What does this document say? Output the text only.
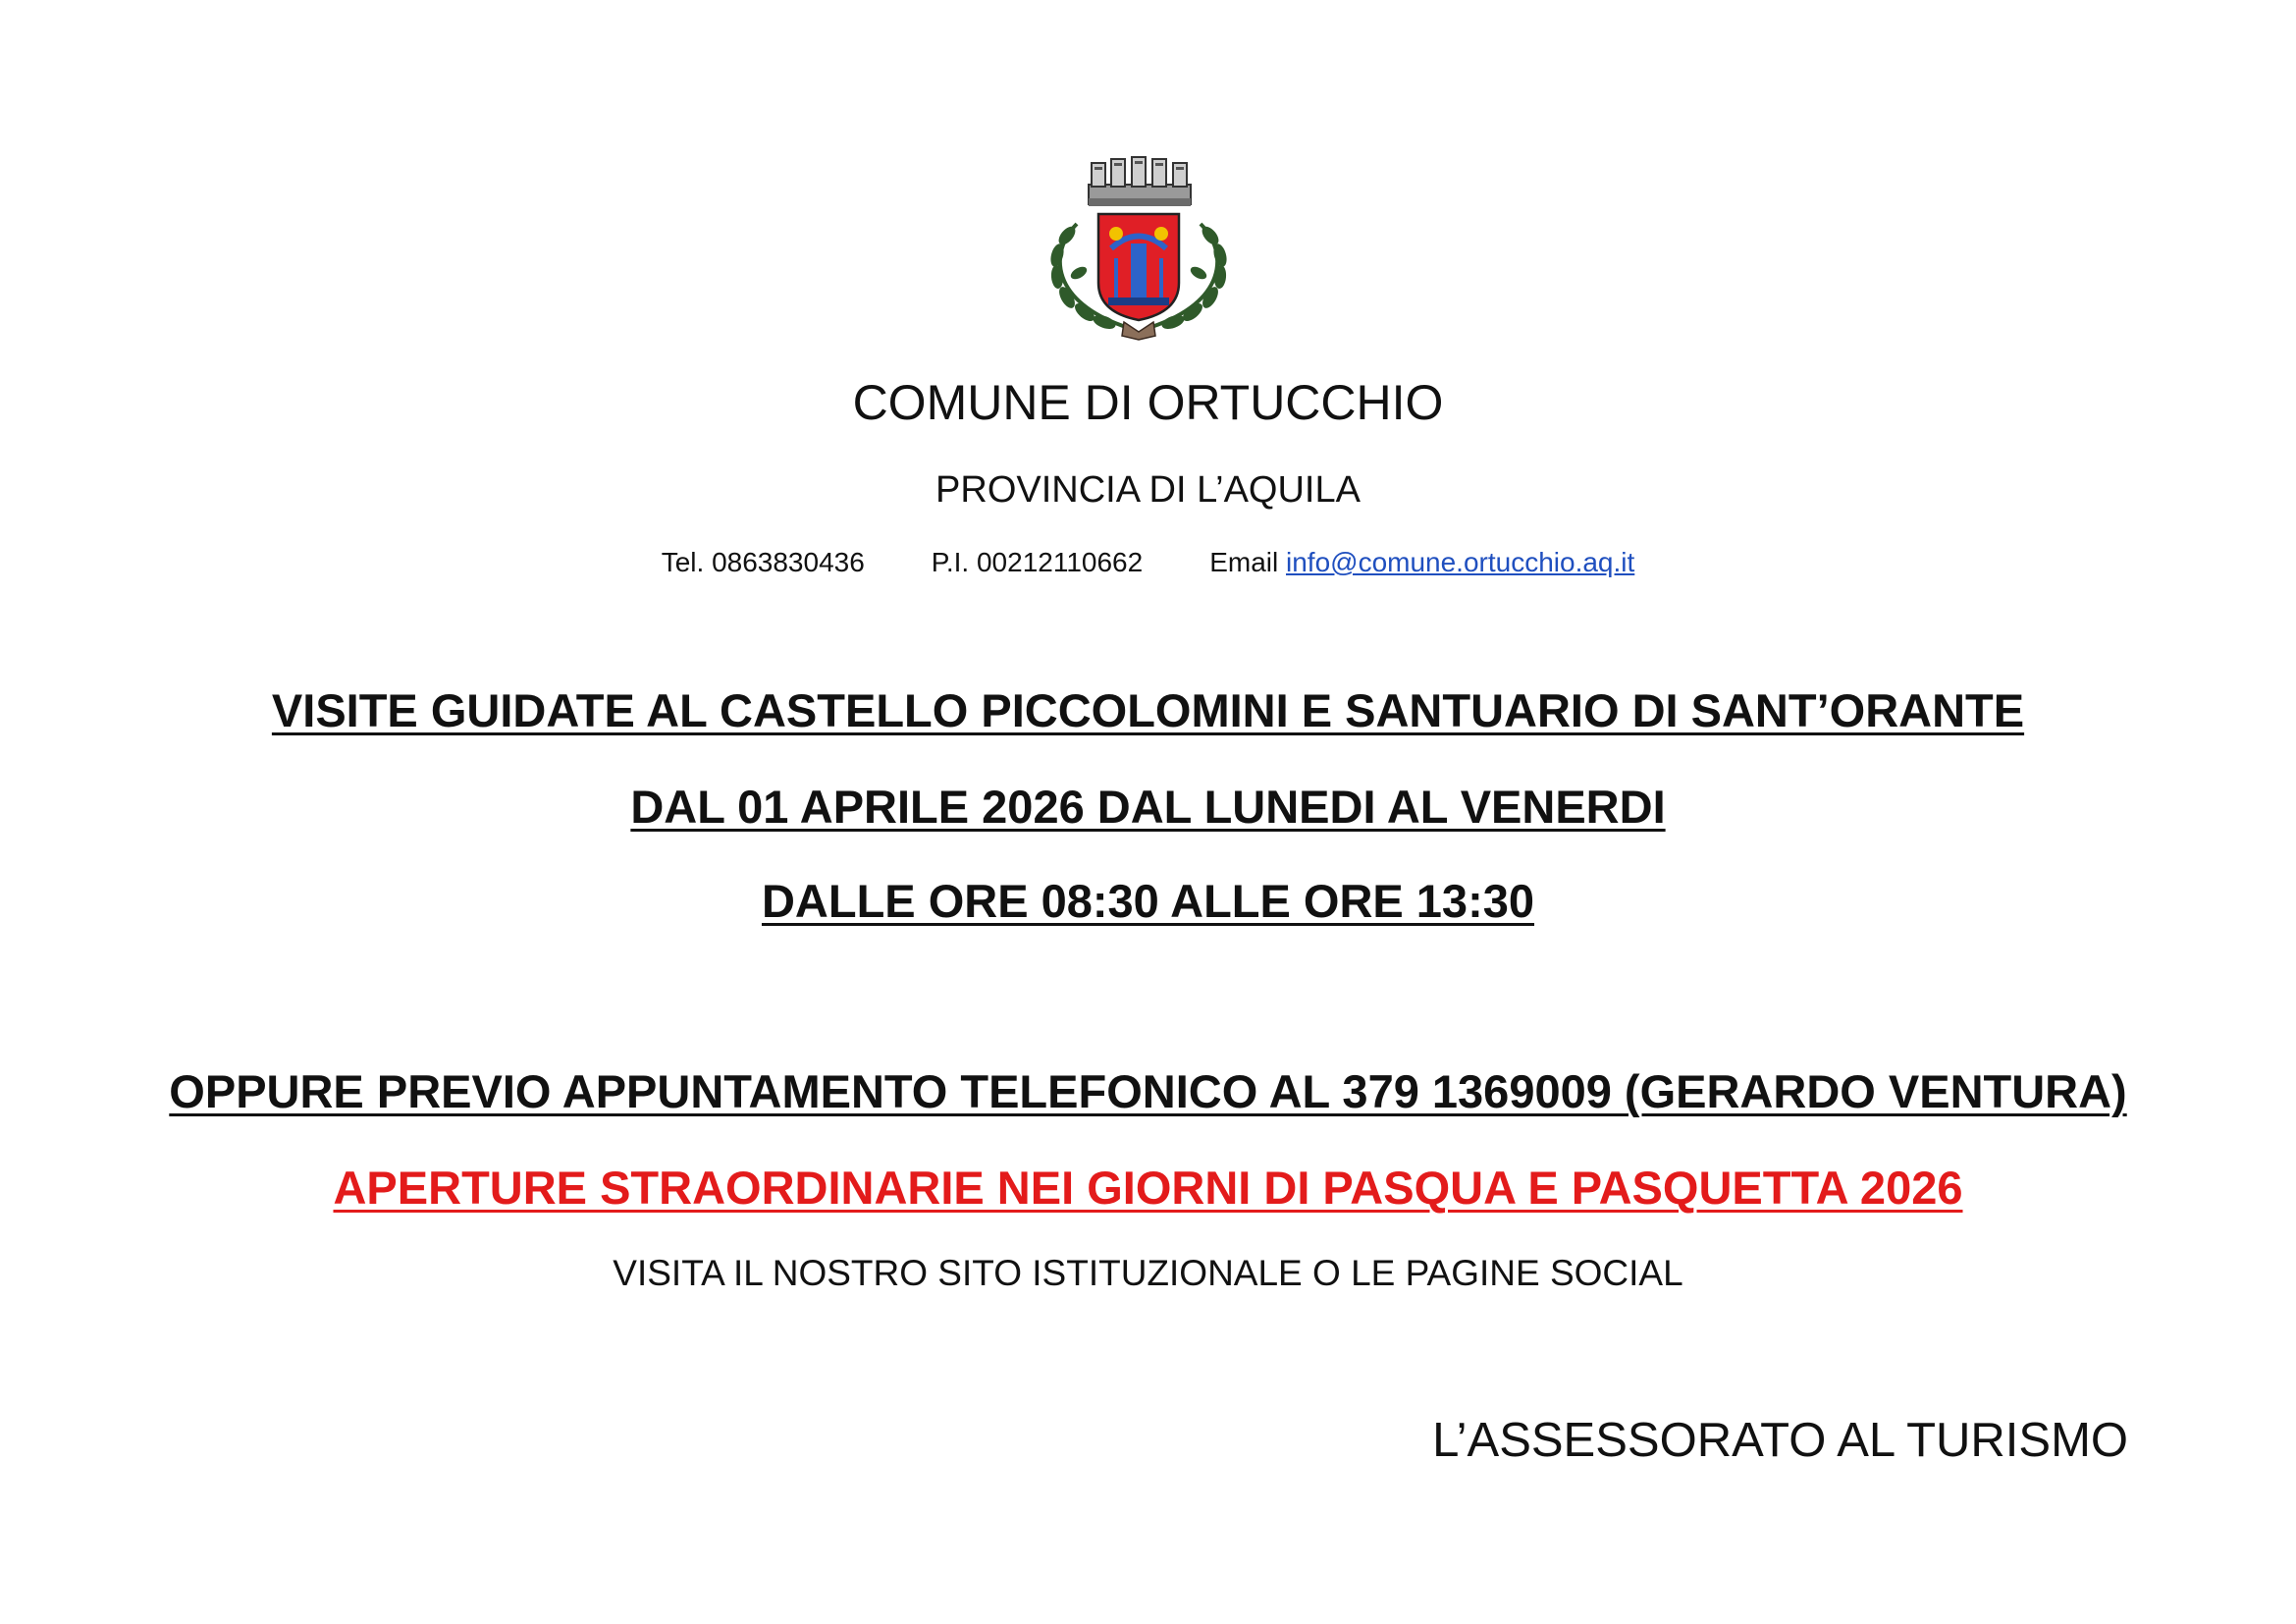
COMUNE DI ORTUCCHIO
PROVINCIA DI L’AQUILA
Tel. 0863830436 P.I. 00212110662 Email info@comune.ortucchio.aq.it
VISITE GUIDATE AL CASTELLO PICCOLOMINI E SANTUARIO DI SANT’ORANTE
DAL 01 APRILE 2026 DAL LUNEDI AL VENERDI
DALLE ORE 08:30 ALLE ORE 13:30
OPPURE PREVIO APPUNTAMENTO TELEFONICO AL 379 1369009 (GERARDO VENTURA)
APERTURE STRAORDINARIE NEI GIORNI DI PASQUA E PASQUETTA 2026
VISITA IL NOSTRO SITO ISTITUZIONALE O LE PAGINE SOCIAL
L’ASSESSORATO AL TURISMO
